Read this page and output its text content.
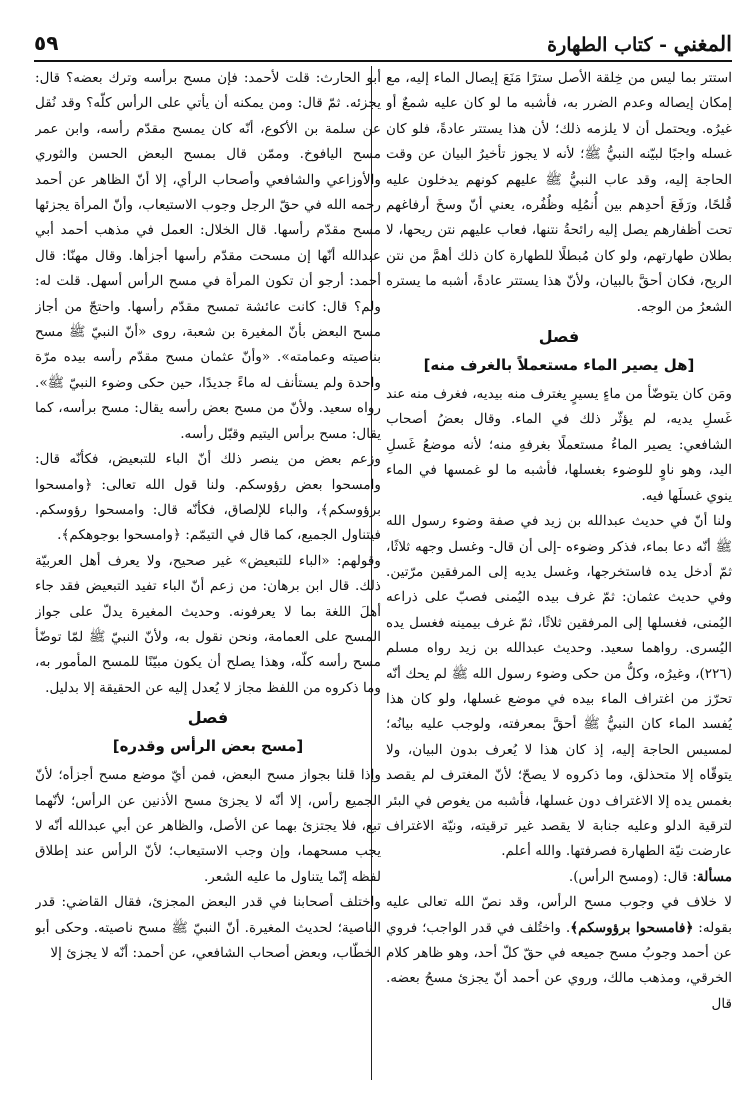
المغني - كتاب الطهارة
٥٩

استتر بما ليس من خِلقة الأصل سترًا مَنَعَ إيصال الماء إليه، مع إمكان إيصاله وعدم الضرر به، فأشبه ما لو كان عليه شمعٌ أو غيرُه. ويحتمل أن لا يلزمه ذلك؛ لأن هذا يستتر عادةً، فلو كان غسله واجبًا لبيّنه النبيُّ ﷺ؛ لأنه لا يجوز تأخيرُ البيان عن وقت الحاجة إليه، وقد عاب النبيُّ ﷺ عليهم كونهم يدخلون عليه قُلحًا، ورَفَعَ أحدِهم بين أُنمُلِه وظُفُره، يعني أنّ وسخَ أرفاغهم تحت أظفارهم يصل إليه رائحةُ نتنها، فعاب عليهم نتن ريحها، لا بطلان طهارتهم، ولو كان مُبطلًا للطهارة كان ذلك أهمَّ من نتن الريح، فكان أحقَّ بالبيان، ولأنّ هذا يستتر عادةً، أشبه ما يستره الشعرُ من الوجه.

فصل
[هل يصير الماء مستعملاً بالغرف منه]

ومَن كان يتوضّأ من ماءٍ يسيرٍ يغترف منه بيديه، فغرف منه عند غَسلِ يديه، لم يؤثّر ذلك في الماء. وقال بعضُ أصحاب الشافعي: يصير الماءُ مستعملًا بغرفهِ منه؛ لأنه موضعُ غَسلِ اليد، وهو ناوٍ للوضوء بغسلها، فأشبه ما لو غمسها في الماء ينوي غسلَها فيه.

ولنا أنّ في حديث عبدالله بن زيد في صفة وضوء رسول الله ﷺ أنّه دعا بماء، فذكر وضوءه -إلى أن قال- وغسل وجهه ثلاثًا، ثمّ أدخل يده فاستخرجها، وغسل يديه إلى المرفقين مرّتين. وفي حديث عثمان: ثمّ غرف بيده اليُمنى فصبّ على ذراعه اليُمنى، فغسلها إلى المرفقين ثلاثًا، ثمّ غرف بيمينه فغسل يده اليُسرى. رواهما سعيد. وحديث عبدالله بن زيد رواه مسلم (٢٢٦)، وغيرُه، وكلُّ من حكى وضوء رسول الله ﷺ لم يحك أنّه تحرّز من اغتراف الماء بيده في موضع غسلها، ولو كان هذا يُفسد الماء كان النبيُّ ﷺ أحقَّ بمعرفته، ولوجب عليه بيانُه؛ لمسيس الحاجة إليه، إذ كان هذا لا يُعرف بدون البيان، ولا يتوقّاه إلا متحذلق، وما ذكروه لا يصحّ؛ لأنّ المغترف لم يقصد بغمس يده إلا الاغتراف دون غسلها، فأشبه من يغوص في البئر لترقية الدلو وعليه جنابة لا يقصد غير ترقيته، ونيّة الاغتراف عارضت نيّة الطهارة فصرفتها. والله أعلم.

مسألة: قال: (ومسح الرأس).

لا خلاف في وجوب مسح الرأس، وقد نصّ الله تعالى عليه بقوله: ﴿فامسحوا برؤوسكم﴾. واختُلف في قدر الواجب؛ فروي عن أحمد وجوبُ مسح جميعه في حقّ كلّ أحد، وهو ظاهر كلام الخرقي، ومذهب مالك، وروي عن أحمد أنّ يجزئ مسحُ بعضه. قال

أبو الحارث: قلت لأحمد: فإن مسح برأسه وترك بعضه؟ قال: يجزئه. ثمّ قال: ومن يمكنه أن يأتي على الرأس كلّه؟ وقد نُقل عن سلمة بن الأكوع، أنّه كان يمسح مقدّم رأسه، وابن عمر مسح اليافوخ. وممّن قال بمسح البعض الحسن والثوري والأوزاعي والشافعي وأصحاب الرأي، إلا أنّ الظاهر عن أحمد رحمه الله في حقّ الرجل وجوب الاستيعاب، وأنّ المرأة يجزئها مسح مقدّم رأسها. قال الخلال: العمل في مذهب أحمد أبي عبدالله أنّها إن مسحت مقدّم رأسها أجزأها. وقال مهنّا: قال أحمد: أرجو أن تكون المرأة في مسح الرأس أسهل. قلت له: ولم؟ قال: كانت عائشة تمسح مقدّم رأسها. واحتجّ من أجاز مسح البعض بأنّ المغيرة بن شعبة، روى «أنّ النبيّ ﷺ مسح بناصيته وعمامته». «وأنّ عثمان مسح مقدّم رأسه بيده مرّة واحدة ولم يستأنف له ماءً جديدًا، حين حكى وضوء النبيّ ﷺ». رواه سعيد. ولأنّ من مسح بعض رأسه يقال: مسح برأسه، كما يقال: مسح برأس اليتيم وقبّل رأسه.

وزعم بعض من ينصر ذلك أنّ الباء للتبعيض، فكأنّه قال: وامسحوا بعض رؤوسكم. ولنا قول الله تعالى: ﴿وامسحوا برؤوسكم﴾، والباء للإلصاق، فكأنّه قال: وامسحوا رؤوسكم. فيتناول الجميع، كما قال في التيمّم: ﴿وامسحوا بوجوهكم﴾.

وقولهم: «الباء للتبعيض» غير صحيح، ولا يعرف أهل العربيّة ذلك. قال ابن برهان: من زعم أنّ الباء تفيد التبعيض فقد جاء أهلَ اللغة بما لا يعرفونه. وحديث المغيرة يدلّ على جواز المسح على العمامة، ونحن نقول به، ولأنّ النبيّ ﷺ لمّا توضّأ مسح رأسه كلّه، وهذا يصلح أن يكون مبيّنًا للمسح المأمور به، وما ذكروه من اللفظ مجاز لا يُعدل إليه عن الحقيقة إلا بدليل.

فصل
[مسح بعض الرأس وقدره]

وإذا قلنا بجواز مسح البعض، فمن أيّ موضع مسح أجزأه؛ لأنّ الجميع رأس، إلا أنّه لا يجزئ مسح الأذنين عن الرأس؛ لأنّهما تبع، فلا يجتزئ بهما عن الأصل، والظاهر عن أبي عبدالله أنّه لا يجب مسحهما، وإن وجب الاستيعاب؛ لأنّ الرأس عند إطلاق لفظه إنّما يتناول ما عليه الشعر.

واختلف أصحابنا في قدر البعض المجزئ، فقال القاضي: قدر الناصية؛ لحديث المغيرة. أنّ النبيّ ﷺ مسح ناصيته. وحكى أبو الخطّاب، وبعض أصحاب الشافعي، عن أحمد: أنّه لا يجزئ إلا
